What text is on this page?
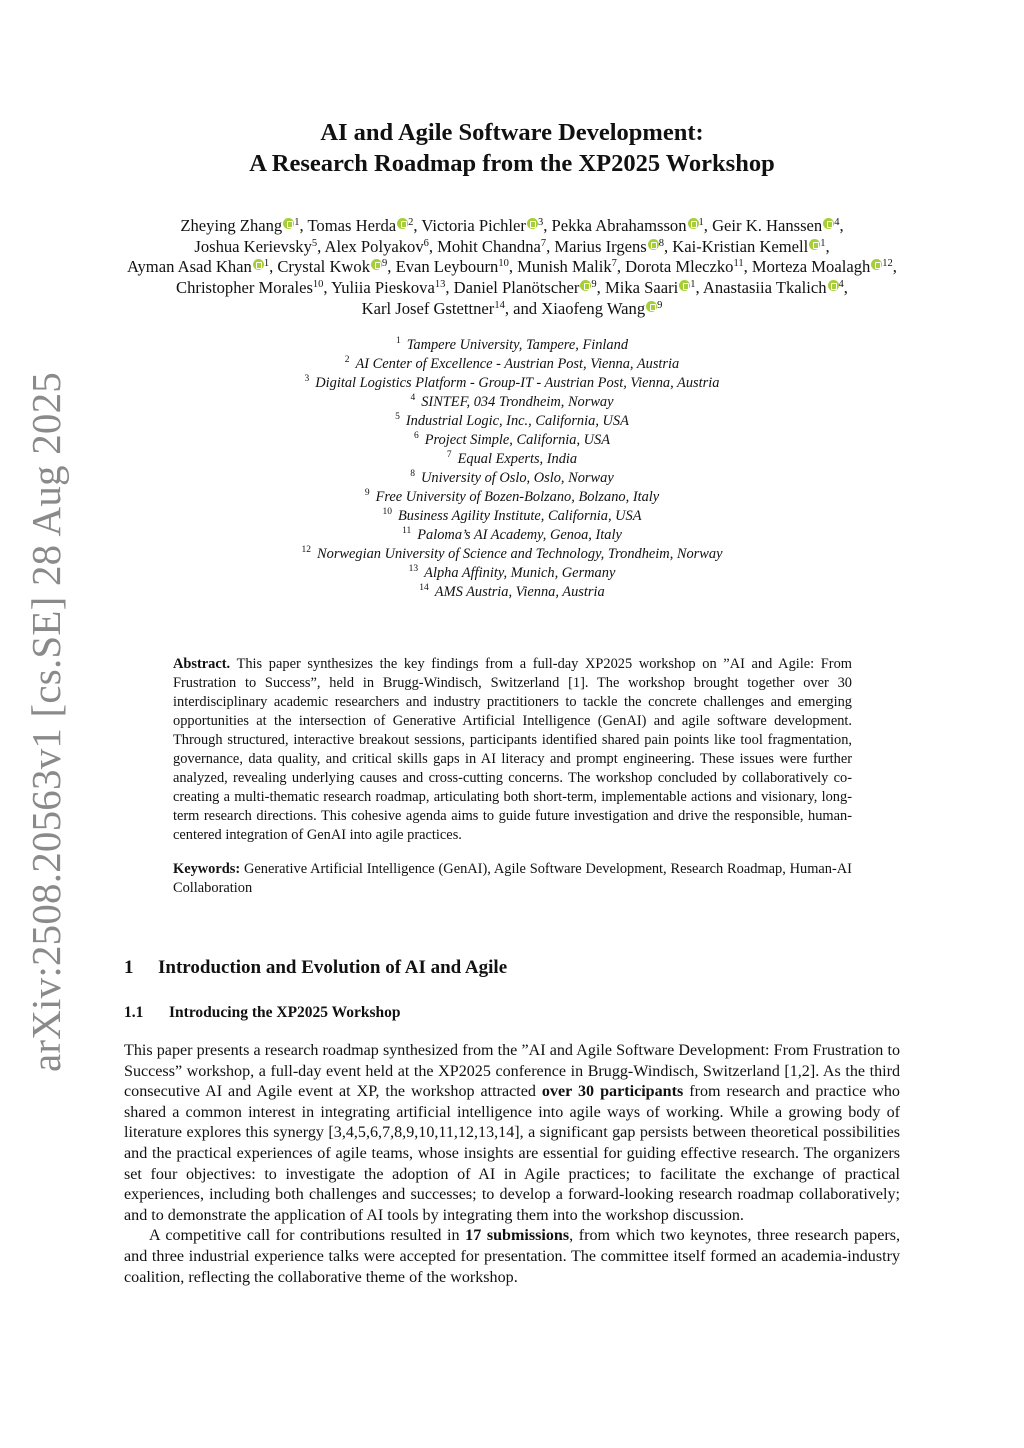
arXiv:2508.20563v1 [cs.SE] 28 Aug 2025
AI and Agile Software Development:
A Research Roadmap from the XP2025 Workshop
Zheying Zhang $^1$, Tomas Herda $^2$, Victoria Pichler $^3$, Pekka Abrahamsson $^1$, Geir K. Hanssen $^4$,
Joshua Kerievsky$^5$, Alex Polyakov$^6$, Mohit Chandna$^7$, Marius Irgens $^8$, Kai-Kristian Kemell $^1$,
Ayman Asad Khan $^1$, Crystal Kwok $^9$, Evan Leybourn$^{10}$, Munish Malik$^7$, Dorota Mleczko$^{11}$, Morteza Moalagh $^{12}$,
Christopher Morales$^{10}$, Yuliia Pieskova$^{13}$, Daniel Planötscher $^9$, Mika Saari $^1$, Anastasiia Tkalich $^4$,
Karl Josef Gstettner$^{14}$, and Xiaofeng Wang $^9$
$^1$ Tampere University, Tampere, Finland
$^2$ AI Center of Excellence - Austrian Post, Vienna, Austria
$^3$ Digital Logistics Platform - Group-IT - Austrian Post, Vienna, Austria
$^4$ SINTEF, 034 Trondheim, Norway
$^5$ Industrial Logic, Inc., California, USA
$^6$ Project Simple, California, USA
$^7$ Equal Experts, India
$^8$ University of Oslo, Oslo, Norway
$^9$ Free University of Bozen-Bolzano, Bolzano, Italy
$^{10}$ Business Agility Institute, California, USA
$^{11}$ Paloma’s AI Academy, Genoa, Italy
$^{12}$ Norwegian University of Science and Technology, Trondheim, Norway
$^{13}$ Alpha Affinity, Munich, Germany
$^{14}$ AMS Austria, Vienna, Austria

Abstract. This paper synthesizes the key findings from a full-day XP2025 workshop on ”AI and Agile: From Frustration to Success”, held in Brugg-Windisch, Switzerland [1]. The workshop brought together over 30 interdisciplinary academic researchers and industry practitioners to tackle the concrete challenges and emerging opportunities at the intersection of Generative Artificial Intelligence (GenAI) and agile software development. Through structured, interactive breakout sessions, participants identified shared pain points like tool fragmentation, governance, data quality, and critical skills gaps in AI literacy and prompt engineering. These issues were further analyzed, revealing underlying causes and cross-cutting concerns. The workshop concluded by collaboratively co-creating a multi-thematic research roadmap, articulating both short-term, implementable actions and visionary, long-term research directions. This cohesive agenda aims to guide future investigation and drive the responsible, human-centered integration of GenAI into agile practices.

Keywords: Generative Artificial Intelligence (GenAI), Agile Software Development, Research Roadmap, Human-AI Collaboration

1 Introduction and Evolution of AI and Agile
1.1 Introducing the XP2025 Workshop

This paper presents a research roadmap synthesized from the ”AI and Agile Software Development: From Frustration to Success” workshop, a full-day event held at the XP2025 conference in Brugg-Windisch, Switzerland [1,2]. As the third consecutive AI and Agile event at XP, the workshop attracted over 30 participants from research and practice who shared a common interest in integrating artificial intelligence into agile ways of working. While a growing body of literature explores this synergy [3,4,5,6,7,8,9,10,11,12,13,14], a significant gap persists between theoretical possibilities and the practical experiences of agile teams, whose insights are essential for guiding effective research. The organizers set four objectives: to investigate the adoption of AI in Agile practices; to facilitate the exchange of practical experiences, including both challenges and successes; to develop a forward-looking research roadmap collaboratively; and to demonstrate the application of AI tools by integrating them into the workshop discussion.

A competitive call for contributions resulted in 17 submissions, from which two keynotes, three research papers, and three industrial experience talks were accepted for presentation. The committee itself formed an academia-industry coalition, reflecting the collaborative theme of the workshop.
